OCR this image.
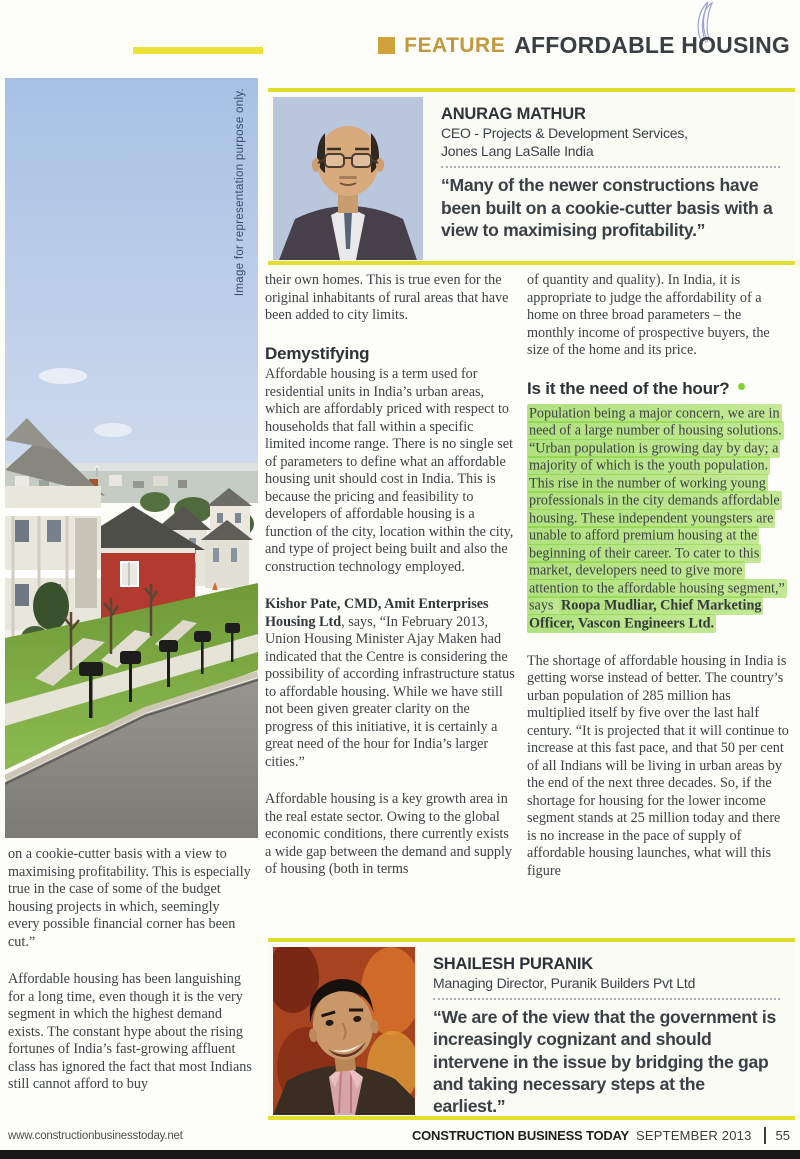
FEATURE AFFORDABLE HOUSING
Image for representation purpose only.	ANURAG MATHUR
CEO - Projects & Development Services,
Jones Lang LaSalle India
“Many of the newer constructions have been built on a cookie-cutter basis with a view to maximising profitability.”

their own homes. This is true even for the original inhabitants of rural areas that have been added to city limits.

Demystifying

Affordable housing is a term used for residential units in India’s urban areas, which are affordably priced with respect to households that fall within a specific limited income range. There is no single set of parameters to define what an affordable housing unit should cost in India. This is because the pricing and feasibility to developers of affordable housing is a function of the city, location within the city, and type of project being built and also the construction technology employed.

Kishor Pate, CMD, Amit Enterprises Housing Ltd, says, “In February 2013, Union Housing Minister Ajay Maken had indicated that the Centre is considering the possibility of according infrastructure status to affordable housing. While we have still not been given greater clarity on the progress of this initiative, it is certainly a great need of the hour for India’s larger cities.”

Affordable housing is a key growth area in the real estate sector. Owing to the global economic conditions, there currently exists a wide gap between the demand and supply of housing (both in terms

of quantity and quality). In India, it is appropriate to judge the affordability of a home on three broad parameters – the monthly income of prospective buyers, the size of the home and its price.

Is it the need of the hour?

Population being a major concern, we are in need of a large number of housing solutions. “Urban population is growing day by day; a majority of which is the youth population. This rise in the number of working young professionals in the city demands affordable housing. These independent youngsters are unable to afford premium housing at the beginning of their career. To cater to this market, developers need to give more attention to the affordable housing segment,” says Roopa Mudliar, Chief Marketing Officer, Vascon Engineers Ltd.

The shortage of affordable housing in India is getting worse instead of better. The country’s urban population of 285 million has multiplied itself by five over the last half century. “It is projected that it will continue to increase at this fast pace, and that 50 per cent of all Indians will be living in urban areas by the end of the next three decades. So, if the shortage for housing for the lower income segment stands at 25 million today and there is no increase in the pace of supply of affordable housing launches, what will this figure

on a cookie-cutter basis with a view to maximising profitability. This is especially true in the case of some of the budget housing projects in which, seemingly every possible financial corner has been cut.”

Affordable housing has been languishing for a long time, even though it is the very segment in which the highest demand exists. The constant hype about the rising fortunes of India’s fast-growing affluent class has ignored the fact that most Indians still cannot afford to buy

SHAILESH PURANIK
Managing Director, Puranik Builders Pvt Ltd
“We are of the view that the government is increasingly cognizant and should intervene in the issue by bridging the gap and taking necessary steps at the earliest.”
www.constructionbusinesstoday.net	CONSTRUCTION BUSINESS TODAY SEPTEMBER 2013 55
